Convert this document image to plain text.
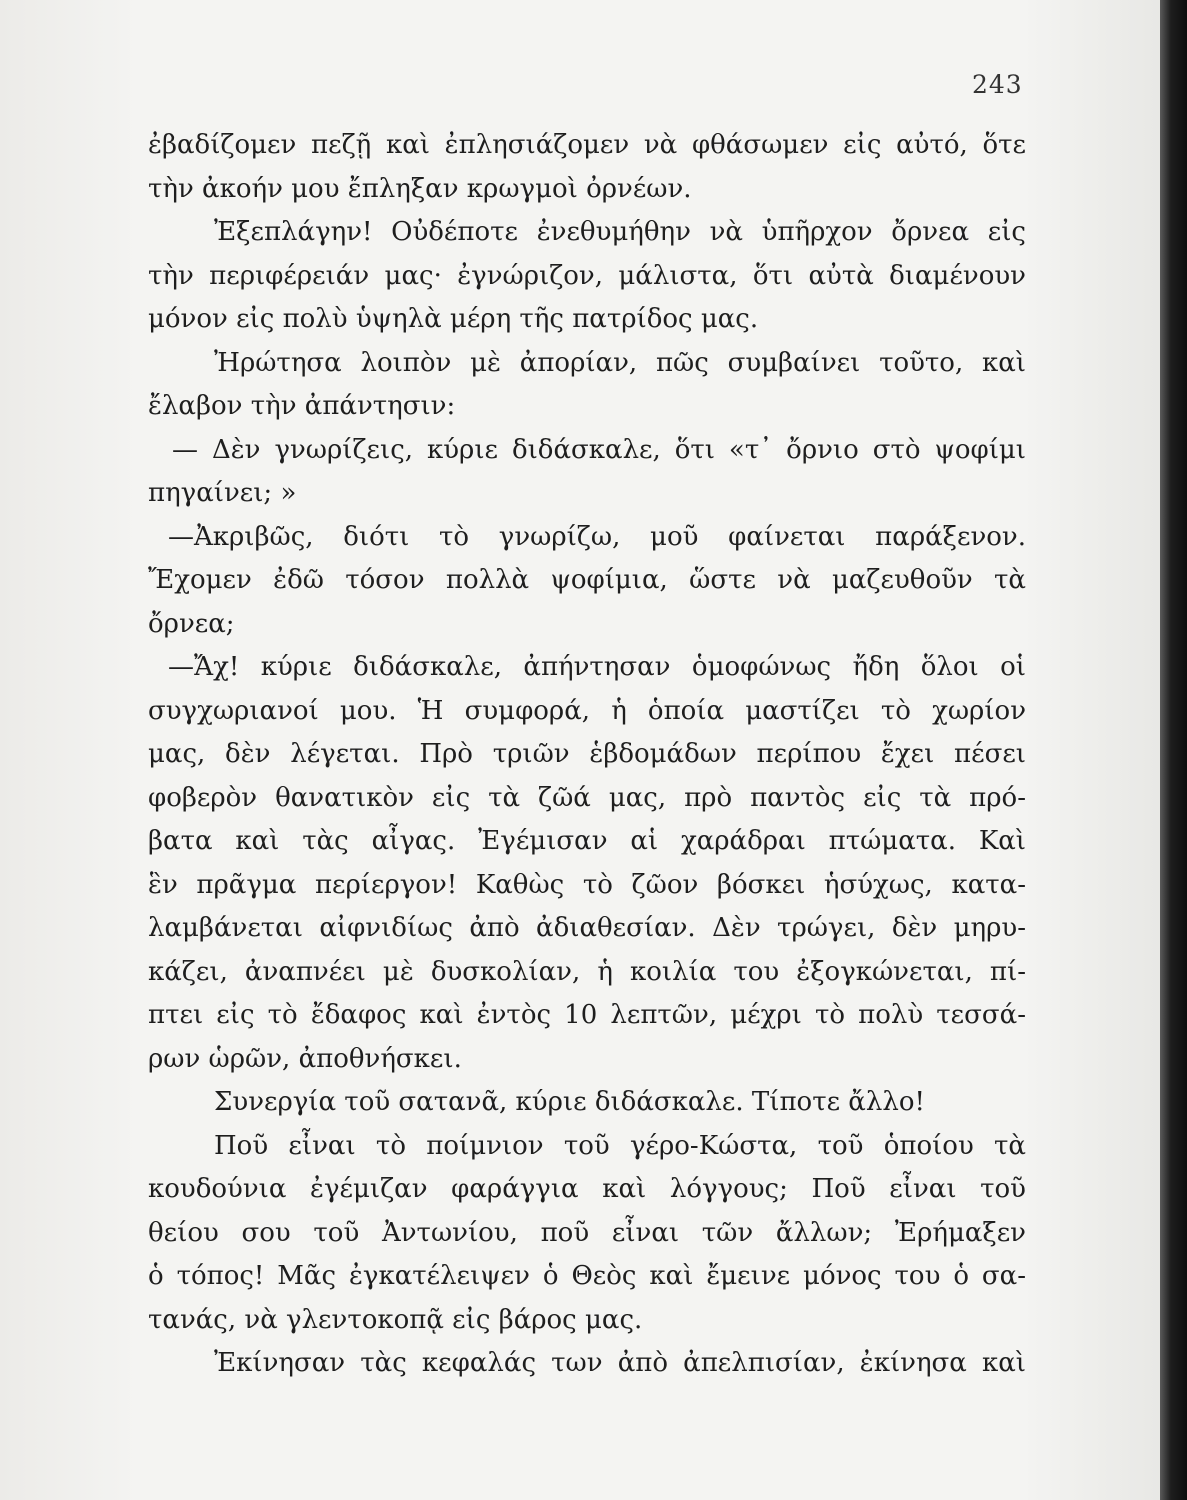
243
ἐβαδίζομεν πεζῇ καὶ ἐπλησιάζομεν νὰ φθάσωμεν εἰς αὐτό, ὅτε
τὴν ἀκοήν μου ἔπληξαν κρωγμοὶ ὀρνέων.
Ἐξεπλάγην! Οὐδέποτε ἐνεθυμήθην νὰ ὑπῆρχον ὄρνεα εἰς
τὴν περιφέρειάν μας· ἐγνώριζον, μάλιστα, ὅτι αὐτὰ διαμένουν
μόνον εἰς πολὺ ὑψηλὰ μέρη τῆς πατρίδος μας.
Ἠρώτησα λοιπὸν μὲ ἀπορίαν, πῶς συμβαίνει τοῦτο, καὶ
ἔλαβον τὴν ἀπάντησιν:
— Δὲν γνωρίζεις, κύριε διδάσκαλε, ὅτι «τ᾽ ὄρνιο στὸ ψοφίμι
πηγαίνει; »
—Ἀκριβῶς, διότι τὸ γνωρίζω, μοῦ φαίνεται παράξενον.
Ἔχομεν ἐδῶ τόσον πολλὰ ψοφίμια, ὥστε νὰ μαζευθοῦν τὰ
ὄρνεα;
—Ἄχ! κύριε διδάσκαλε, ἀπήντησαν ὁμοφώνως ἤδη ὅλοι οἱ
συγχωριανοί μου. Ἡ συμφορά, ἡ ὁποία μαστίζει τὸ χωρίον
μας, δὲν λέγεται. Πρὸ τριῶν ἑβδομάδων περίπου ἔχει πέσει
φοβερὸν θανατικὸν εἰς τὰ ζῶά μας, πρὸ παντὸς εἰς τὰ πρό-
βατα καὶ τὰς αἶγας. Ἐγέμισαν αἱ χαράδραι πτώματα. Καὶ
ἓν πρᾶγμα περίεργον! Καθὼς τὸ ζῶον βόσκει ἡσύχως, κατα-
λαμβάνεται αἰφνιδίως ἀπὸ ἀδιαθεσίαν. Δὲν τρώγει, δὲν μηρυ-
κάζει, ἀναπνέει μὲ δυσκολίαν, ἡ κοιλία του ἐξογκώνεται, πί-
πτει εἰς τὸ ἔδαφος καὶ ἐντὸς 10 λεπτῶν, μέχρι τὸ πολὺ τεσσά-
ρων ὡρῶν, ἀποθνήσκει.
Συνεργία τοῦ σατανᾶ, κύριε διδάσκαλε. Τίποτε ἄλλο!
Ποῦ εἶναι τὸ ποίμνιον τοῦ γέρο-Κώστα, τοῦ ὁποίου τὰ
κουδούνια ἐγέμιζαν φαράγγια καὶ λόγγους; Ποῦ εἶναι τοῦ
θείου σου τοῦ Ἀντωνίου, ποῦ εἶναι τῶν ἄλλων; Ἐρήμαξεν
ὁ τόπος! Μᾶς ἐγκατέλειψεν ὁ Θεὸς καὶ ἔμεινε μόνος του ὁ σα-
τανάς, νὰ γλεντοκοπᾷ εἰς βάρος μας.
Ἐκίνησαν τὰς κεφαλάς των ἀπὸ ἀπελπισίαν, ἐκίνησα καὶ
